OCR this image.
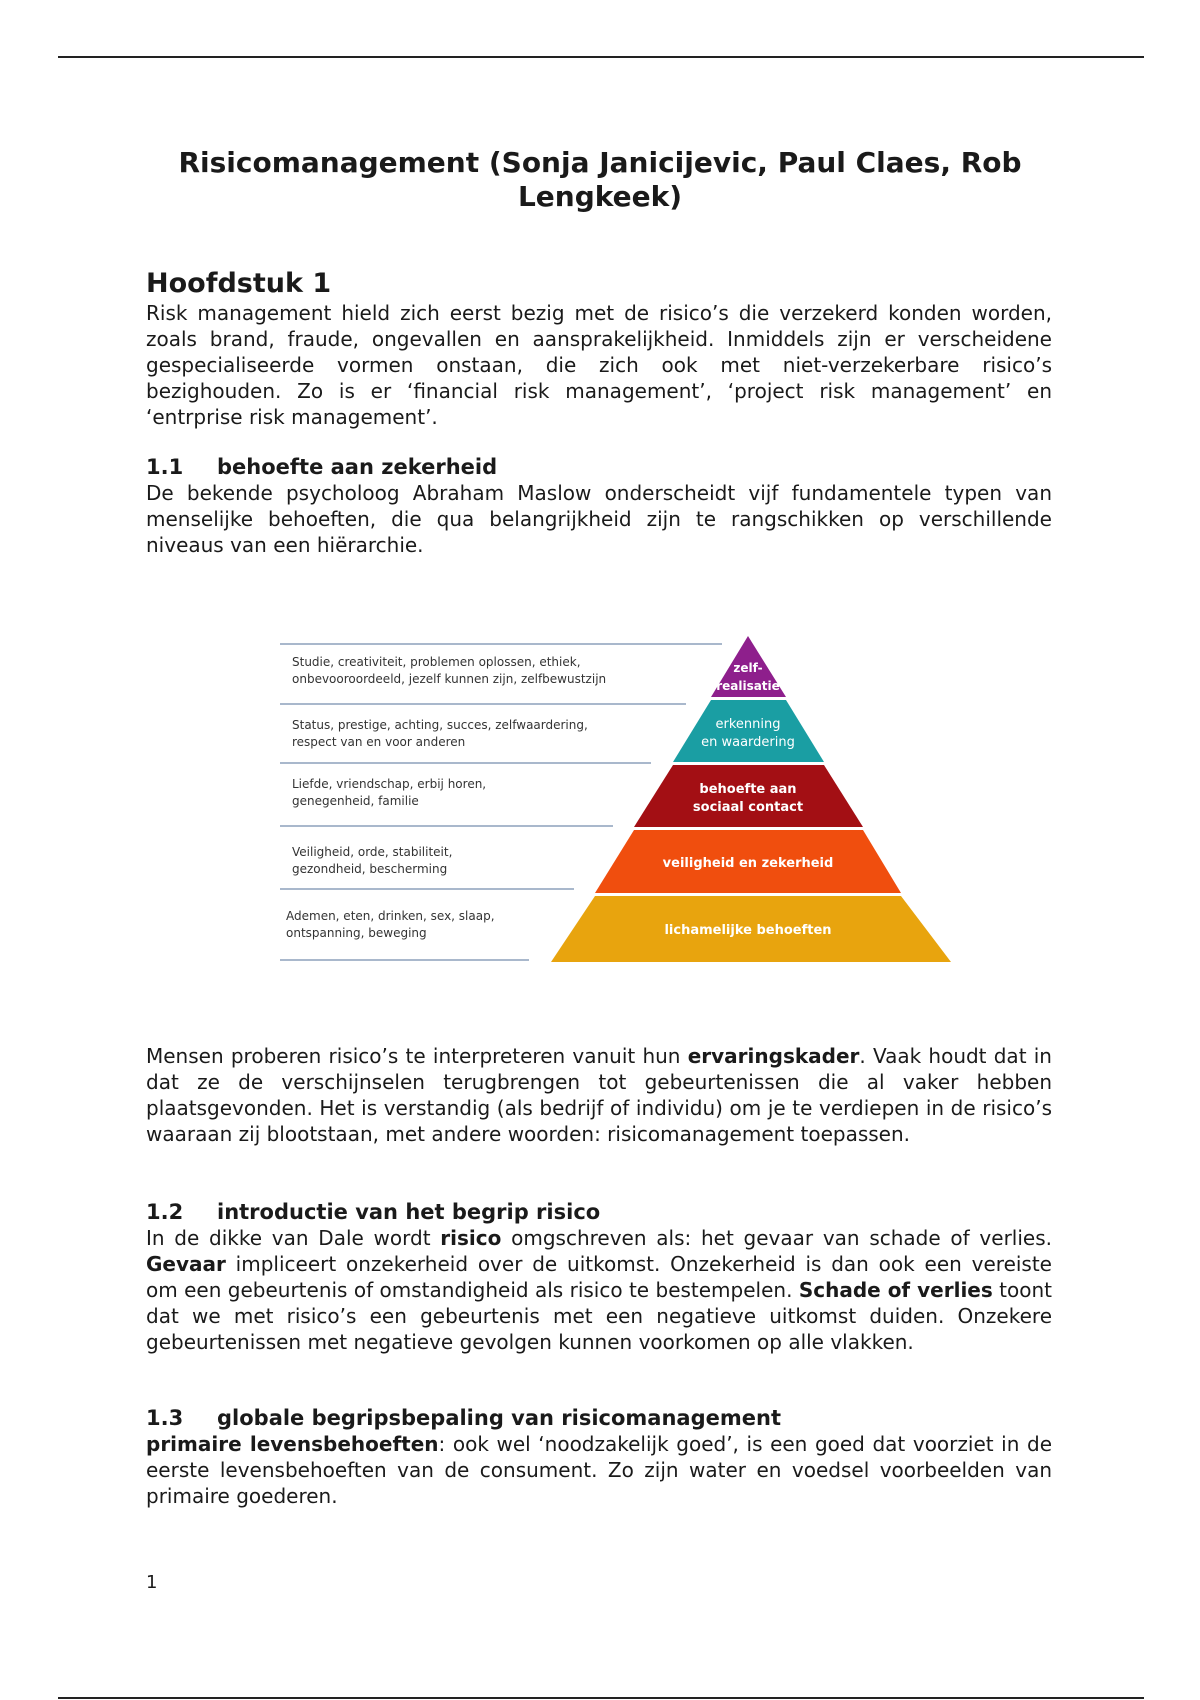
Risicomanagement (Sonja Janicijevic, Paul Claes, Rob Lengkeek)
Hoofdstuk 1

Risk management hield zich eerst bezig met de risico’s die verzekerd konden worden, zoals brand, fraude, ongevallen en aansprakelijkheid. Inmiddels zijn er verscheidene gespecialiseerde vormen onstaan, die zich ook met niet-verzekerbare risico’s bezighouden. Zo is er ‘financial risk management’, ‘project risk management’ en ‘entrprise risk management’.

1.1 behoefte aan zekerheid

De bekende psycholoog Abraham Maslow onderscheidt vijf fundamentele typen van menselijke behoeften, die qua belangrijkheid zijn te rangschikken op verschillende niveaus van een hiërarchie.

zelf-
realisatie
Studie, creativiteit, problemen oplossen, ethiek,
onbevooroordeeld, jezelf kunnen zijn, zelfbewustzijn
erkenning
en waardering
Status, prestige, achting, succes, zelfwaardering,
respect van en voor anderen
behoefte aan
sociaal contact
Liefde, vriendschap, erbij horen,
genegenheid, familie
veiligheid en zekerheid
Veiligheid, orde, stabiliteit,
gezondheid, bescherming
lichamelijke behoeften
Ademen, eten, drinken, sex, slaap,
ontspanning, beweging

Mensen proberen risico’s te interpreteren vanuit hun ervaringskader. Vaak houdt dat in dat ze de verschijnselen terugbrengen tot gebeurtenissen die al vaker hebben plaatsgevonden. Het is verstandig (als bedrijf of individu) om je te verdiepen in de risico’s waaraan zij blootstaan, met andere woorden: risicomanagement toepassen.

1.2 introductie van het begrip risico

In de dikke van Dale wordt risico omgschreven als: het gevaar van schade of verlies. Gevaar impliceert onzekerheid over de uitkomst. Onzekerheid is dan ook een vereiste om een gebeurtenis of omstandigheid als risico te bestempelen. Schade of verlies toont dat we met risico’s een gebeurtenis met een negatieve uitkomst duiden. Onzekere gebeurtenissen met negatieve gevolgen kunnen voorkomen op alle vlakken.

1.3 globale begripsbepaling van risicomanagement

primaire levensbehoeften: ook wel ‘noodzakelijk goed’, is een goed dat voorziet in de eerste levensbehoeften van de consument. Zo zijn water en voedsel voorbeelden van primaire goederen.

1
